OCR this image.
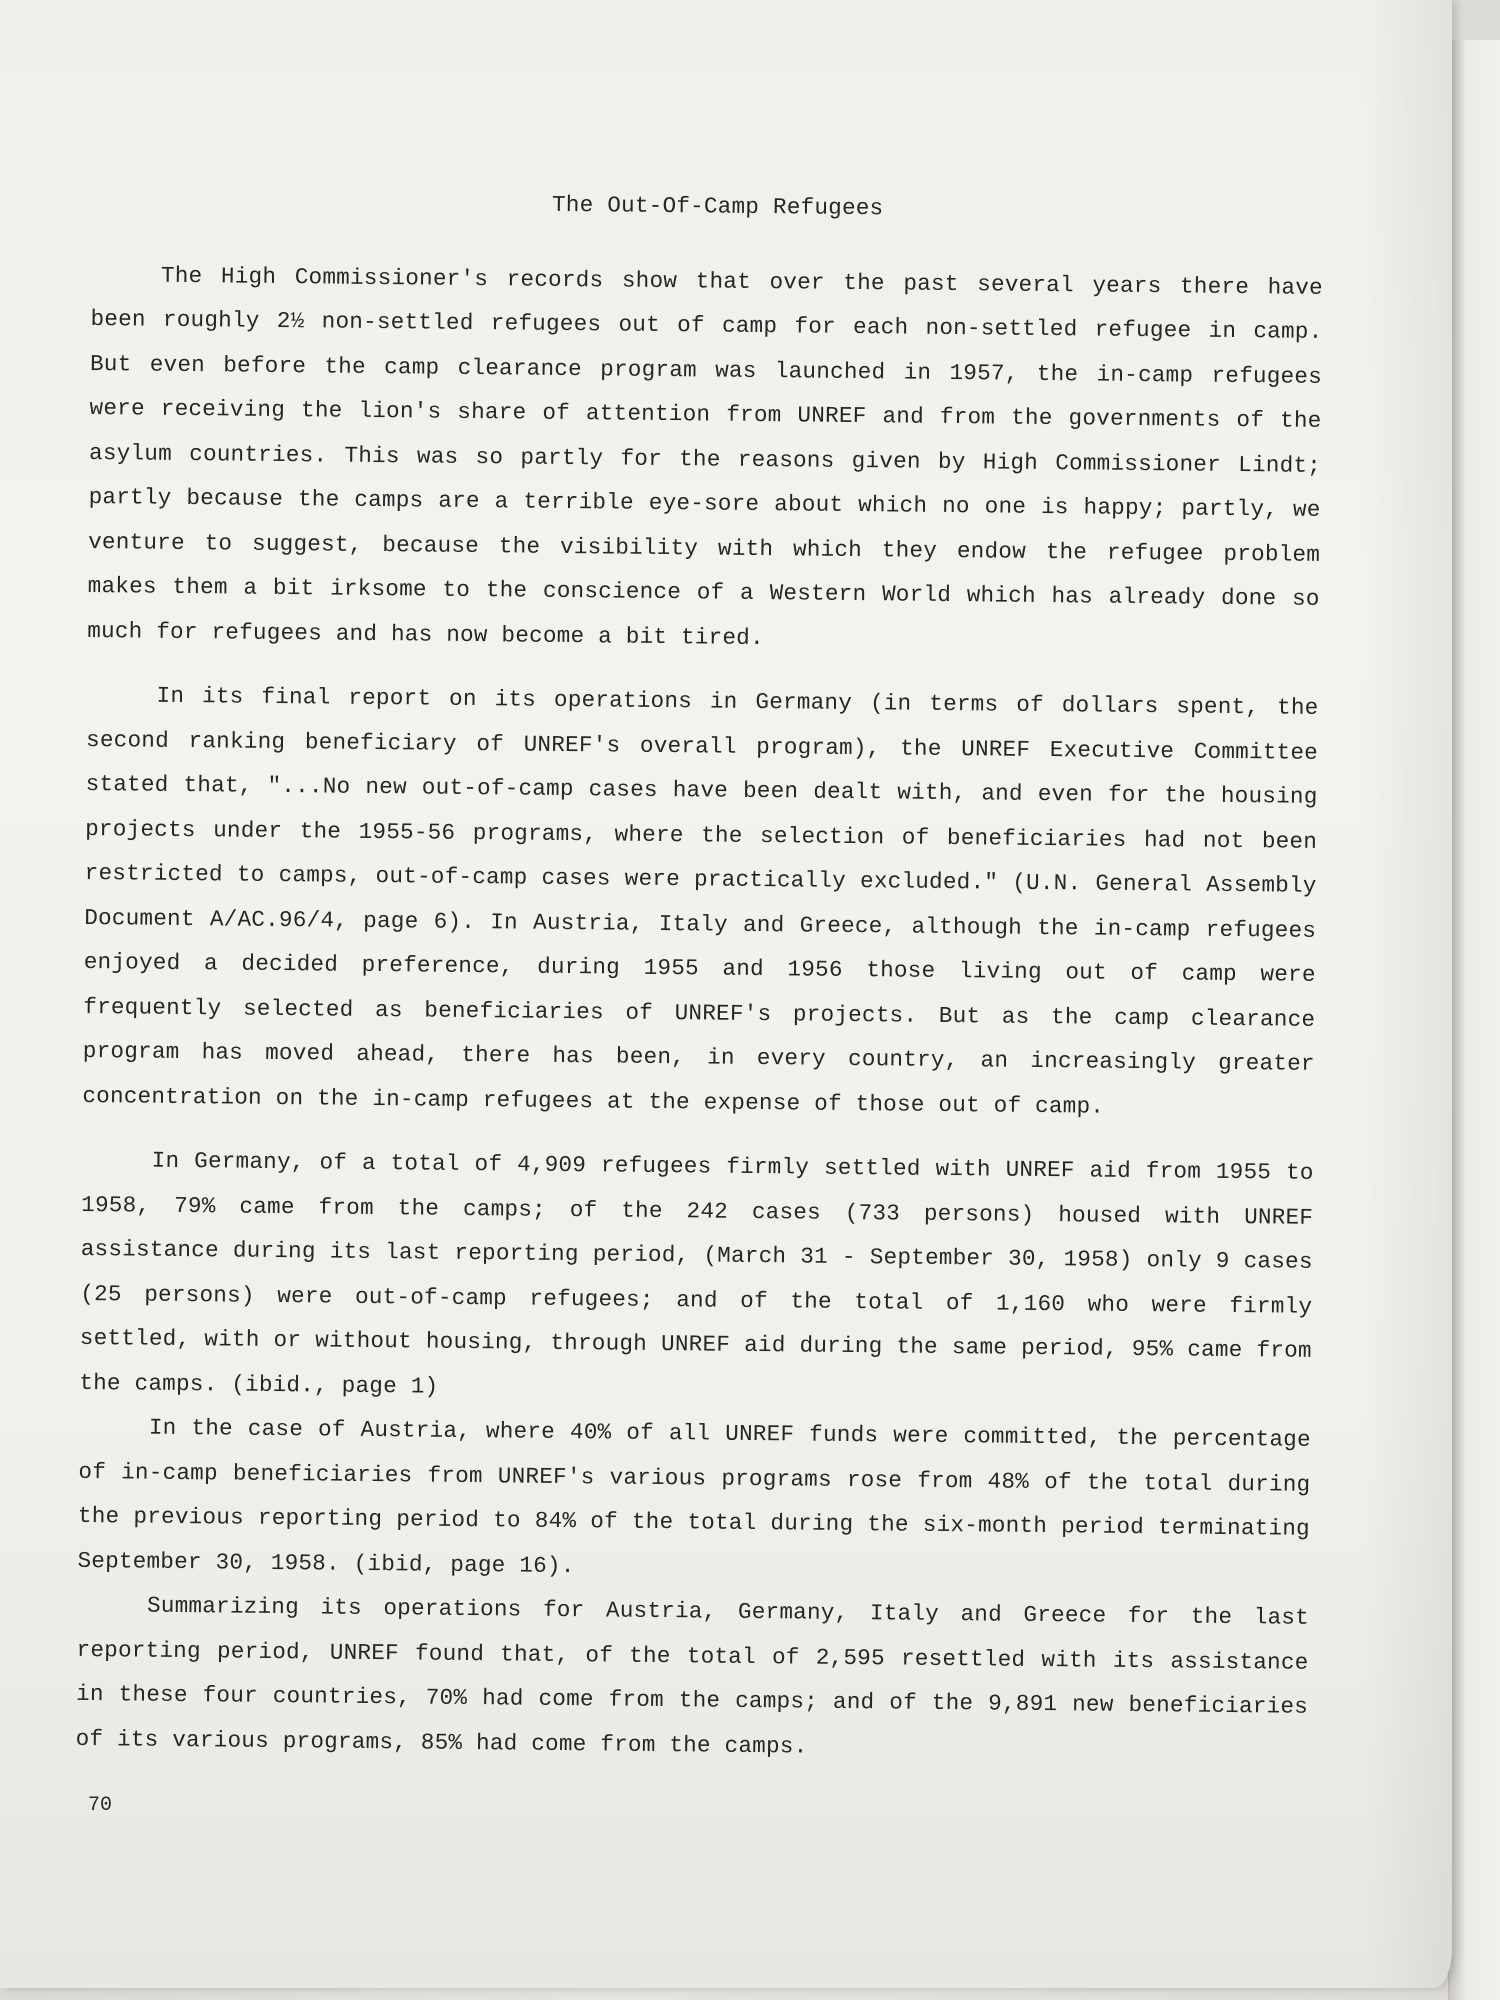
The Out-Of-Camp Refugees

The High Commissioner's records show that over the past several years there have been roughly 2½ non-settled refugees out of camp for each non-settled refugee in camp. But even before the camp clearance program was launched in 1957, the in-camp refugees were receiving the lion's share of attention from UNREF and from the governments of the asylum countries. This was so partly for the reasons given by High Commissioner Lindt; partly because the camps are a terrible eye-sore about which no one is happy; partly, we venture to suggest, because the visibility with which they endow the refugee problem makes them a bit irksome to the conscience of a Western World which has already done so much for refugees and has now become a bit tired.

In its final report on its operations in Germany (in terms of dollars spent, the second ranking beneficiary of UNREF's overall program), the UNREF Executive Committee stated that, "...No new out-of-camp cases have been dealt with, and even for the housing projects under the 1955-56 programs, where the selection of beneficiaries had not been restricted to camps, out-of-camp cases were practically excluded." (U.N. General Assembly Document A/AC.96/4, page 6). In Austria, Italy and Greece, although the in-camp refugees enjoyed a decided preference, during 1955 and 1956 those living out of camp were frequently selected as beneficiaries of UNREF's projects. But as the camp clearance program has moved ahead, there has been, in every country, an increasingly greater concentration on the in-camp refugees at the expense of those out of camp.

In Germany, of a total of 4,909 refugees firmly settled with UNREF aid from 1955 to 1958, 79% came from the camps; of the 242 cases (733 persons) housed with UNREF assistance during its last reporting period, (March 31 - September 30, 1958) only 9 cases (25 persons) were out-of-camp refugees; and of the total of 1,160 who were firmly settled, with or without housing, through UNREF aid during the same period, 95% came from the camps. (ibid., page 1)

In the case of Austria, where 40% of all UNREF funds were committed, the percentage of in-camp beneficiaries from UNREF's various programs rose from 48% of the total during the previous reporting period to 84% of the total during the six-month period terminating September 30, 1958. (ibid, page 16).

Summarizing its operations for Austria, Germany, Italy and Greece for the last reporting period, UNREF found that, of the total of 2,595 resettled with its assistance in these four countries, 70% had come from the camps; and of the 9,891 new beneficiaries of its various programs, 85% had come from the camps.

70
